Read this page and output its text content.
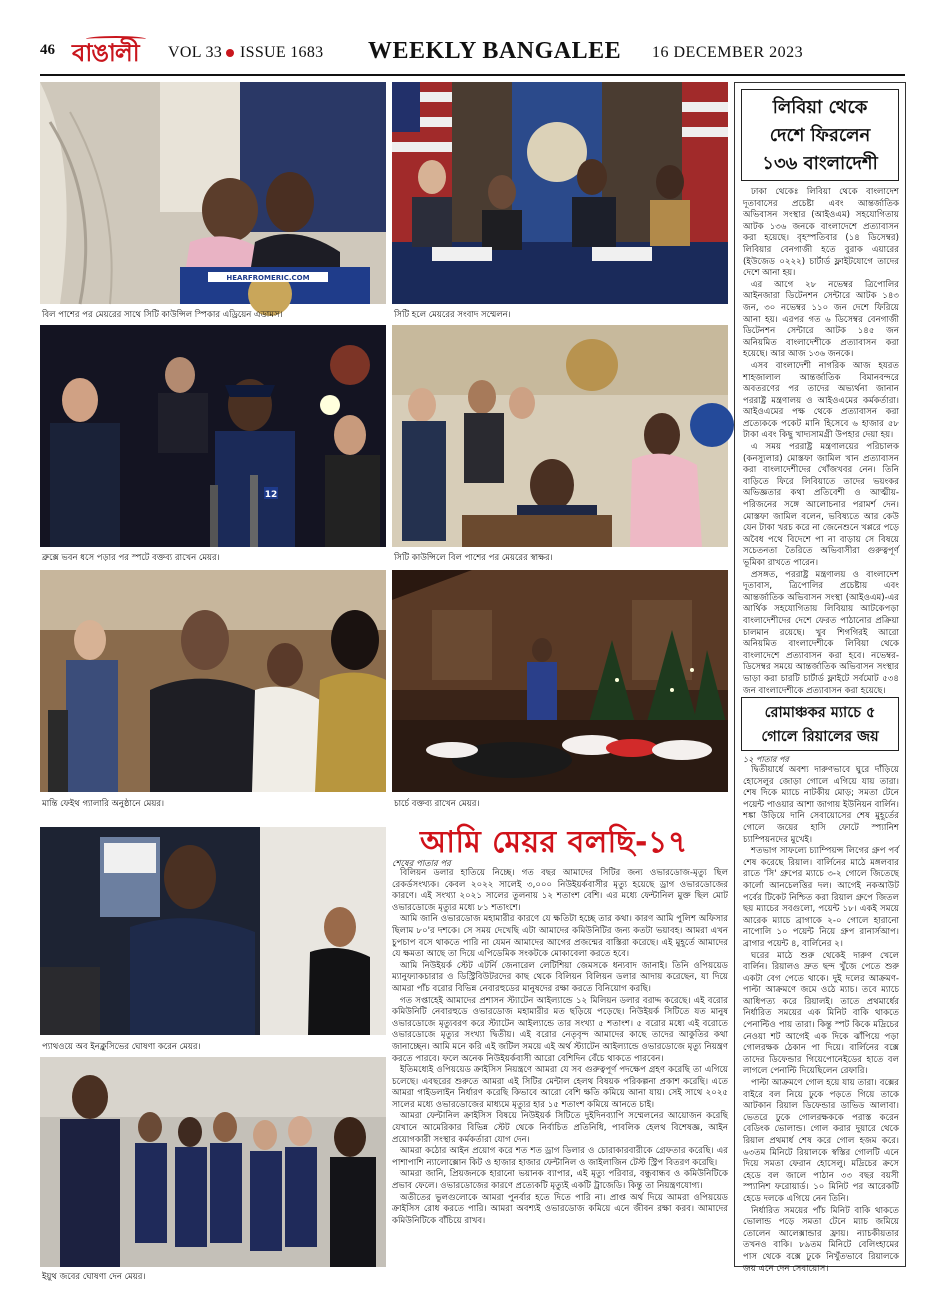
46 বাঙালী	VOL 33 ISSUE 1683 WEEKLY BANGALEE 16 DECEMBER 2023
HEARFROMERIC.COM
বিল পাশের পর মেয়রের সাথে সিটি কাউন্সিল স্পিকার এড্রিয়েন এডামস।	সিটি হলে মেয়রের সংবাদ সম্মেলন।
12
ব্রুক্সে ভবন ধসে পড়ার পর স্পটে বক্তব্য রাখেন মেয়র।	সিটি কাউন্সিলে বিল পাশের পর মেয়রের স্বাক্ষর।
মান্তি ফেইথ গ্যালারি অনুষ্ঠানে মেয়র।	চার্চে বক্তব্য রাখেন মেয়র।
প্যাথওয়ে অব ইনক্লুসিভের ঘোষণা করেন মেয়র।
ইয়ুথ জবের ঘোষণা দেন মেয়র।
আমি মেয়র বলছি-১৭
শেষের পাতার পর

বিলিয়ন ডলার হাতিয়ে নিচ্ছে। গত বছর আমাদের সিটির জন্য ওভারডোজ-মৃত্যু ছিল রেকর্ডসংখ্যক। কেবল ২০২২ সালেই ৩,০০০ নিউইয়র্কবাসীর মৃত্যু হয়েছে ড্রাগ ওভারডোজের কারণে। এই সংখ্যা ২০২১ সালের তুলনায় ১২ শতাংশ বেশি। এর মধ্যে ফেন্টানিল মুক্ত ছিল মোট ওভারডোজে মৃত্যুর মধ্যে ৮১ শতাংশে।

আমি জানি ওভারডোজ মহামারীর কারণে যে ক্ষতিটা হচ্ছে তার কথা। কারণ আমি পুলিশ অফিসার ছিলাম ৮০'র দশকে। সে সময় দেখেছি এটা আমাদের কমিউনিটির জন্য কতটা ভয়াবহ। আমরা এখন চুপচাপ বসে থাকতে পারি না যেমন আমাদের আগের প্রজন্মের বাস্তিরা করেছে। এই মুহূর্তে আমাদের যে ক্ষমতা আছে তা দিয়ে এপিডেমিক সংকটকে মোকাবেলা করতে হবে।

আমি নিউইয়র্ক স্টেট এটর্নি জেনারেল লেটিশিয়া জেমসকে ধন্যবাদ জানাই। তিনি ওপিয়য়েড ম্যানুফ্যাকচারার ও ডিস্ট্রিবিউটরদের কাছ থেকে বিলিয়ন বিলিয়ন ডলার আদায় করেছেন, যা দিয়ে আমরা পাঁচ বরোর বিভিন্ন নেবারহুডের মানুষদের রক্ষা করতে বিনিয়োগ করছি।

গত সপ্তাহেই আমাদের প্রশাসন স্ট্যাটেন আইল্যান্ডে ১২ মিলিয়ন ডলার বরাদ্দ করেছে। এই বরোর কমিউনিটি নেবারহুডে ওভারডোজ মহামারীর মত ছড়িয়ে পড়েছে। নিউইয়র্ক সিটিতে যত মানুষ ওভারডোজে মৃত্যুবরণ করে স্ট্যাটেন আইল্যান্ডে তার সংখ্যা ৫ শতাংশ। ৫ বরোর মধ্যে এই বরোতে ওভারডোজে মৃত্যুর সংখ্যা দ্বিতীয়। এই বরোর নেতৃবৃন্দ আমাদের কাছে তাদের আকুতির কথা জানাচ্ছেন। আমি মনে করি এই জটিল সময়ে এই অর্থ স্ট্যাটেন আইল্যান্ডে ওভারডোজে মৃত্যু নিয়ন্ত্রণ করতে পারবে। ফলে অনেক নিউইয়র্কবাসী আরো বেশিদিন বেঁচে থাকতে পারবেন।

ইতিমধ্যেই ওপিয়য়েড ক্রাইসিস নিয়ন্ত্রণে আমরা যে সব গুরুত্বপূর্ণ পদক্ষেপ গ্রহণ করেছি তা এগিয়ে চলেছে। এবছরের শুরুতে আমরা এই সিটির মেন্টাল হেলথ বিষয়ক পরিকল্পনা প্রকাশ করেছি। এতে আমরা গাইডলাইন নির্ধারণ করেছি কিভাবে আরো বেশি ক্ষতি কমিয়ে আনা যায়। সেই সাথে ২০২৫ সালের মধ্যে ওভারডোজের মাধ্যমে মৃত্যুর হার ১৫ শতাংশ কমিয়ে আনতে চাই।

আমরা ফেন্টানিল ক্রাইসিস বিষয়ে নিউইয়র্ক সিটিতে দুইদিনব্যাপি সম্মেলনের আয়োজন করেছি যেখানে আমেরিকার বিভিন্ন স্টেট থেকে নির্বাচিত প্রতিনিধি, পাবলিক হেলথ বিশেষজ্ঞ, আইন প্রয়োগকারী সংস্থার কর্মকর্তারা যোগ দেন।

আমরা কঠোর আইন প্রয়োগ করে শত শত ড্রাগ ডিলার ও চোরাকারবারীকে গ্রেফতার করেছি। এর পাশাপাশি ন্যালোক্সোন কিট ও হাজার হাজার ফেন্টানিল ও জাইলাজিন টেস্ট স্ট্রিপ বিতরণ করেছি।

আমরা জানি, প্রিয়জনকে হারানো ভয়ানক ব্যাপার, এই মৃত্যু পরিবার, বন্ধুবান্ধব ও কমিউনিটিকে প্রভাব ফেলে। ওভারডোজের কারণে প্রত্যেকটি মৃত্যুই একটি ট্রাজেডি। কিন্তু তা নিয়ন্ত্রণযোগ্য।

অতীতের ভুলগুলোকে আমরা পুনর্বার হতে দিতে পারি না। প্রাপ্ত অর্থ দিয়ে আমরা ওপিয়য়েড ক্রাইসিস রোধ করতে পারি। আমরা অবশ্যই ওভারডোজ কমিয়ে এনে জীবন রক্ষা করব। আমাদের কমিউনিটিকে বাঁচিয়ে রাখব।

লিবিয়া থেকে
দেশে ফিরলেন
১৩৬ বাংলাদেশী

ঢাকা থেকেঃ লিবিয়া থেকে বাংলাদেশ দূতাবাসের প্রচেষ্টা এবং আন্তর্জাতিক অভিবাসন সংস্থার (আইওএম) সহযোগিতায় আটক ১৩৬ জনকে বাংলাদেশে প্রত্যাবাসন করা হয়েছে। বৃহস্পতিবার (১৪ ডিসেম্বর) লিবিয়ার বেনগাজী হতে বুরাক এয়ারের (ইউজেড ০২২২) চার্টার্ড ফ্লাইটযোগে তাদের দেশে আনা হয়।

এর আগে ২৮ নভেম্বর ত্রিপোলির আইনজারা ডিটেনশন সেন্টারে আটক ১৪৩ জন, ৩০ নভেম্বর ১১০ জন দেশে ফিরিয়ে আনা হয়। এরপর গত ৬ ডিসেম্বর বেনগাজী ডিটেনশন সেন্টারে আটক ১৪৫ জন অনিয়মিত বাংলাদেশীকে প্রত্যাবাসন করা হয়েছে। আর আজ ১৩৬ জনকে।

এসব বাংলাদেশী নাগরিক আজ হযরত শাহজালাল আন্তর্জাতিক বিমানবন্দরে অবতরণের পর তাদের অভ্যর্থনা জানান পররাষ্ট্র মন্ত্রণালয় ও আইওএমের কর্মকর্তারা। আইওএমের পক্ষ থেকে প্রত্যাবাসন করা প্রত্যেককে পকেট মানি হিসেবে ৬ হাজার ৫৮ টাকা এবং কিছু খাদ্যসামগ্রী উপহার দেয়া হয়।

এ সময় পররাষ্ট্র মন্ত্রণালয়ের পরিচালক (কনস্যুলার) মোস্তফা জামিল খান প্রত্যাবাসন করা বাংলাদেশীদের খোঁজখবর নেন। তিনি বাড়িতে ফিরে লিবিয়াতে তাদের ভয়ংকর অভিজ্ঞতার কথা প্রতিবেশী ও আত্মীয়-পরিজনের সঙ্গে আলোচনার পরামর্শ দেন। মোস্তফা জামিল বলেন, ভবিষ্যতে আর কেউ যেন টাকা খরচ করে না জেনেশুনে খপ্পরে পড়ে অবৈধ পথে বিদেশে পা না বাড়ায় সে বিষয়ে সচেতনতা তৈরিতে অভিবাসীরা গুরুত্বপূর্ণ ভূমিকা রাখতে পারেন।

প্রসঙ্গত, পররাষ্ট্র মন্ত্রণালয় ও বাংলাদেশ দূতাবাস, ত্রিপোলির প্রচেষ্টায় এবং আন্তর্জাতিক অভিবাসন সংস্থা (আইওএম)-এর আর্থিক সহযোগিতায় লিবিয়ায় আটকেপড়া বাংলাদেশীদের দেশে ফেরত পাঠানোর প্রক্রিয়া চালমান রয়েছে। খুব শিগগিরই আরো অনিয়মিত বাংলাদেশীকে লিবিয়া থেকে বাংলাদেশে প্রত্যাবাসন করা হবে। নভেম্বর-ডিসেম্বর সময়ে আন্তর্জাতিক অভিবাসন সংস্থার ভাড়া করা চারটি চার্টার্ড ফ্লাইটে সর্বমোট ৫৩৪ জন বাংলাদেশীকে প্রত্যাবাসন করা হয়েছে।

রোমাঞ্চকর ম্যাচে ৫
গোলে রিয়ালের জয়
১২ পাতার পর

দ্বিতীয়ার্ধে অবশ্য দারুণভাবে ঘুরে দাঁড়িয়ে হোসেলুর জোড়া গোলে এগিয়ে যায় তারা। শেষ দিকে ম্যাচে নাটকীয় মোড়; সমতা টেনে পয়েন্ট পাওয়ার আশা জাগায় ইউনিয়ন বার্লিন। শঙ্কা উড়িয়ে দানি সেবায়োসের শেষ মুহূর্তের গোলে জয়ের হাসি ফোটে স্প্যানিশ চ্যাম্পিয়নদের মুখেই।

শতভাগ সাফল্যে চ্যাম্পিয়ন্স লিগের গ্রুপ পর্ব শেষ করেছে রিয়াল। বার্লিনের মাঠে মঙ্গলবার রাতে 'সি' গ্রুপের ম্যাচে ৩-২ গোলে জিতেছে কার্লো আনচেলত্তির দল। আগেই নকআউট পর্বের টিকেট নিশ্চিত করা রিয়াল গ্রুপে জিতল ছয় ম্যাচের সবগুলো, পয়েন্ট ১৮। একই সময়ে আরেক ম্যাচে ব্রাগাকে ২-০ গোলে হারানো নাপোলি ১০ পয়েন্ট নিয়ে গ্রুপ রানার্সআপ। ব্রাগার পয়েন্ট ৪, বার্লিনের ২।

ঘরের মাঠে শুরু থেকেই দারুণ খেলে বার্লিন। রিয়ালও দ্রুত ছন্দ খুঁজে পেতে শুরু একটা বেগ পেতে থাকে। দুই দলের আক্রমণ-পাল্টা আক্রমণে জমে ওঠে ম্যাচ। তবে ম্যাচে আধিপত্য করে রিয়ালই। তাতে প্রথমার্ধের নির্ধারিত সময়ের এক মিনিট বাকি থাকতে পেনাল্টিও পায় তারা। কিন্তু স্পট কিকে মদ্রিচের নেওয়া শট আগেই এক দিকে ঝাঁপিয়ে পড়া গোলরক্ষক ঠেকান পা দিয়ে। বার্লিনের বক্সে তাদের ডিফেন্ডার গিয়েপোনেইডের হাতে বল লাগলে পেনাল্টি দিয়েছিলেন রেফারি।

পাল্টা আক্রমণে গোল হয়ে যায় তারা। বক্সের বাইরে বল নিয়ে ঢুকে পড়তে গিয়ে তাকে আটকান রিয়াল ডিফেন্ডার ডাভিড আলাবা। ভেতরে ঢুকে গোলরক্ষককে পরাস্ত করেন বেডিংক ভোলান্ড। গোল করার দুয়ারে থেকে রিয়াল প্রথমার্ধ শেষ করে গোল হজম করে। ৬৩তম মিনিটে রিয়ালকে স্বস্তির গোলটি এনে দিয়ে সমতা ফেরান হোসেলু। মদ্রিচের ক্রসে হেডে বল জালে পাঠান ৩৩ বছর বয়সী স্প্যানিশ ফরোয়ার্ড। ১০ মিনিট পর আরেকটি হেডে দলকে এগিয়ে নেন তিনি।

নির্ধারিত সময়ের পাঁচ মিনিট বাকি থাকতে ভোলান্ড পড়ে সমতা টেনে ম্যাচ জমিয়ে তোলেন আলেক্সান্ডার ফ্রায়। ন্যাচকীয়তার তখনও বাকি। ৮৯তম মিনিটে বেলিংহামের পাস থেকে বক্সে ঢুকে নিখুঁতভাবে রিয়ালকে জয় এনে দেন সেবায়োস।
